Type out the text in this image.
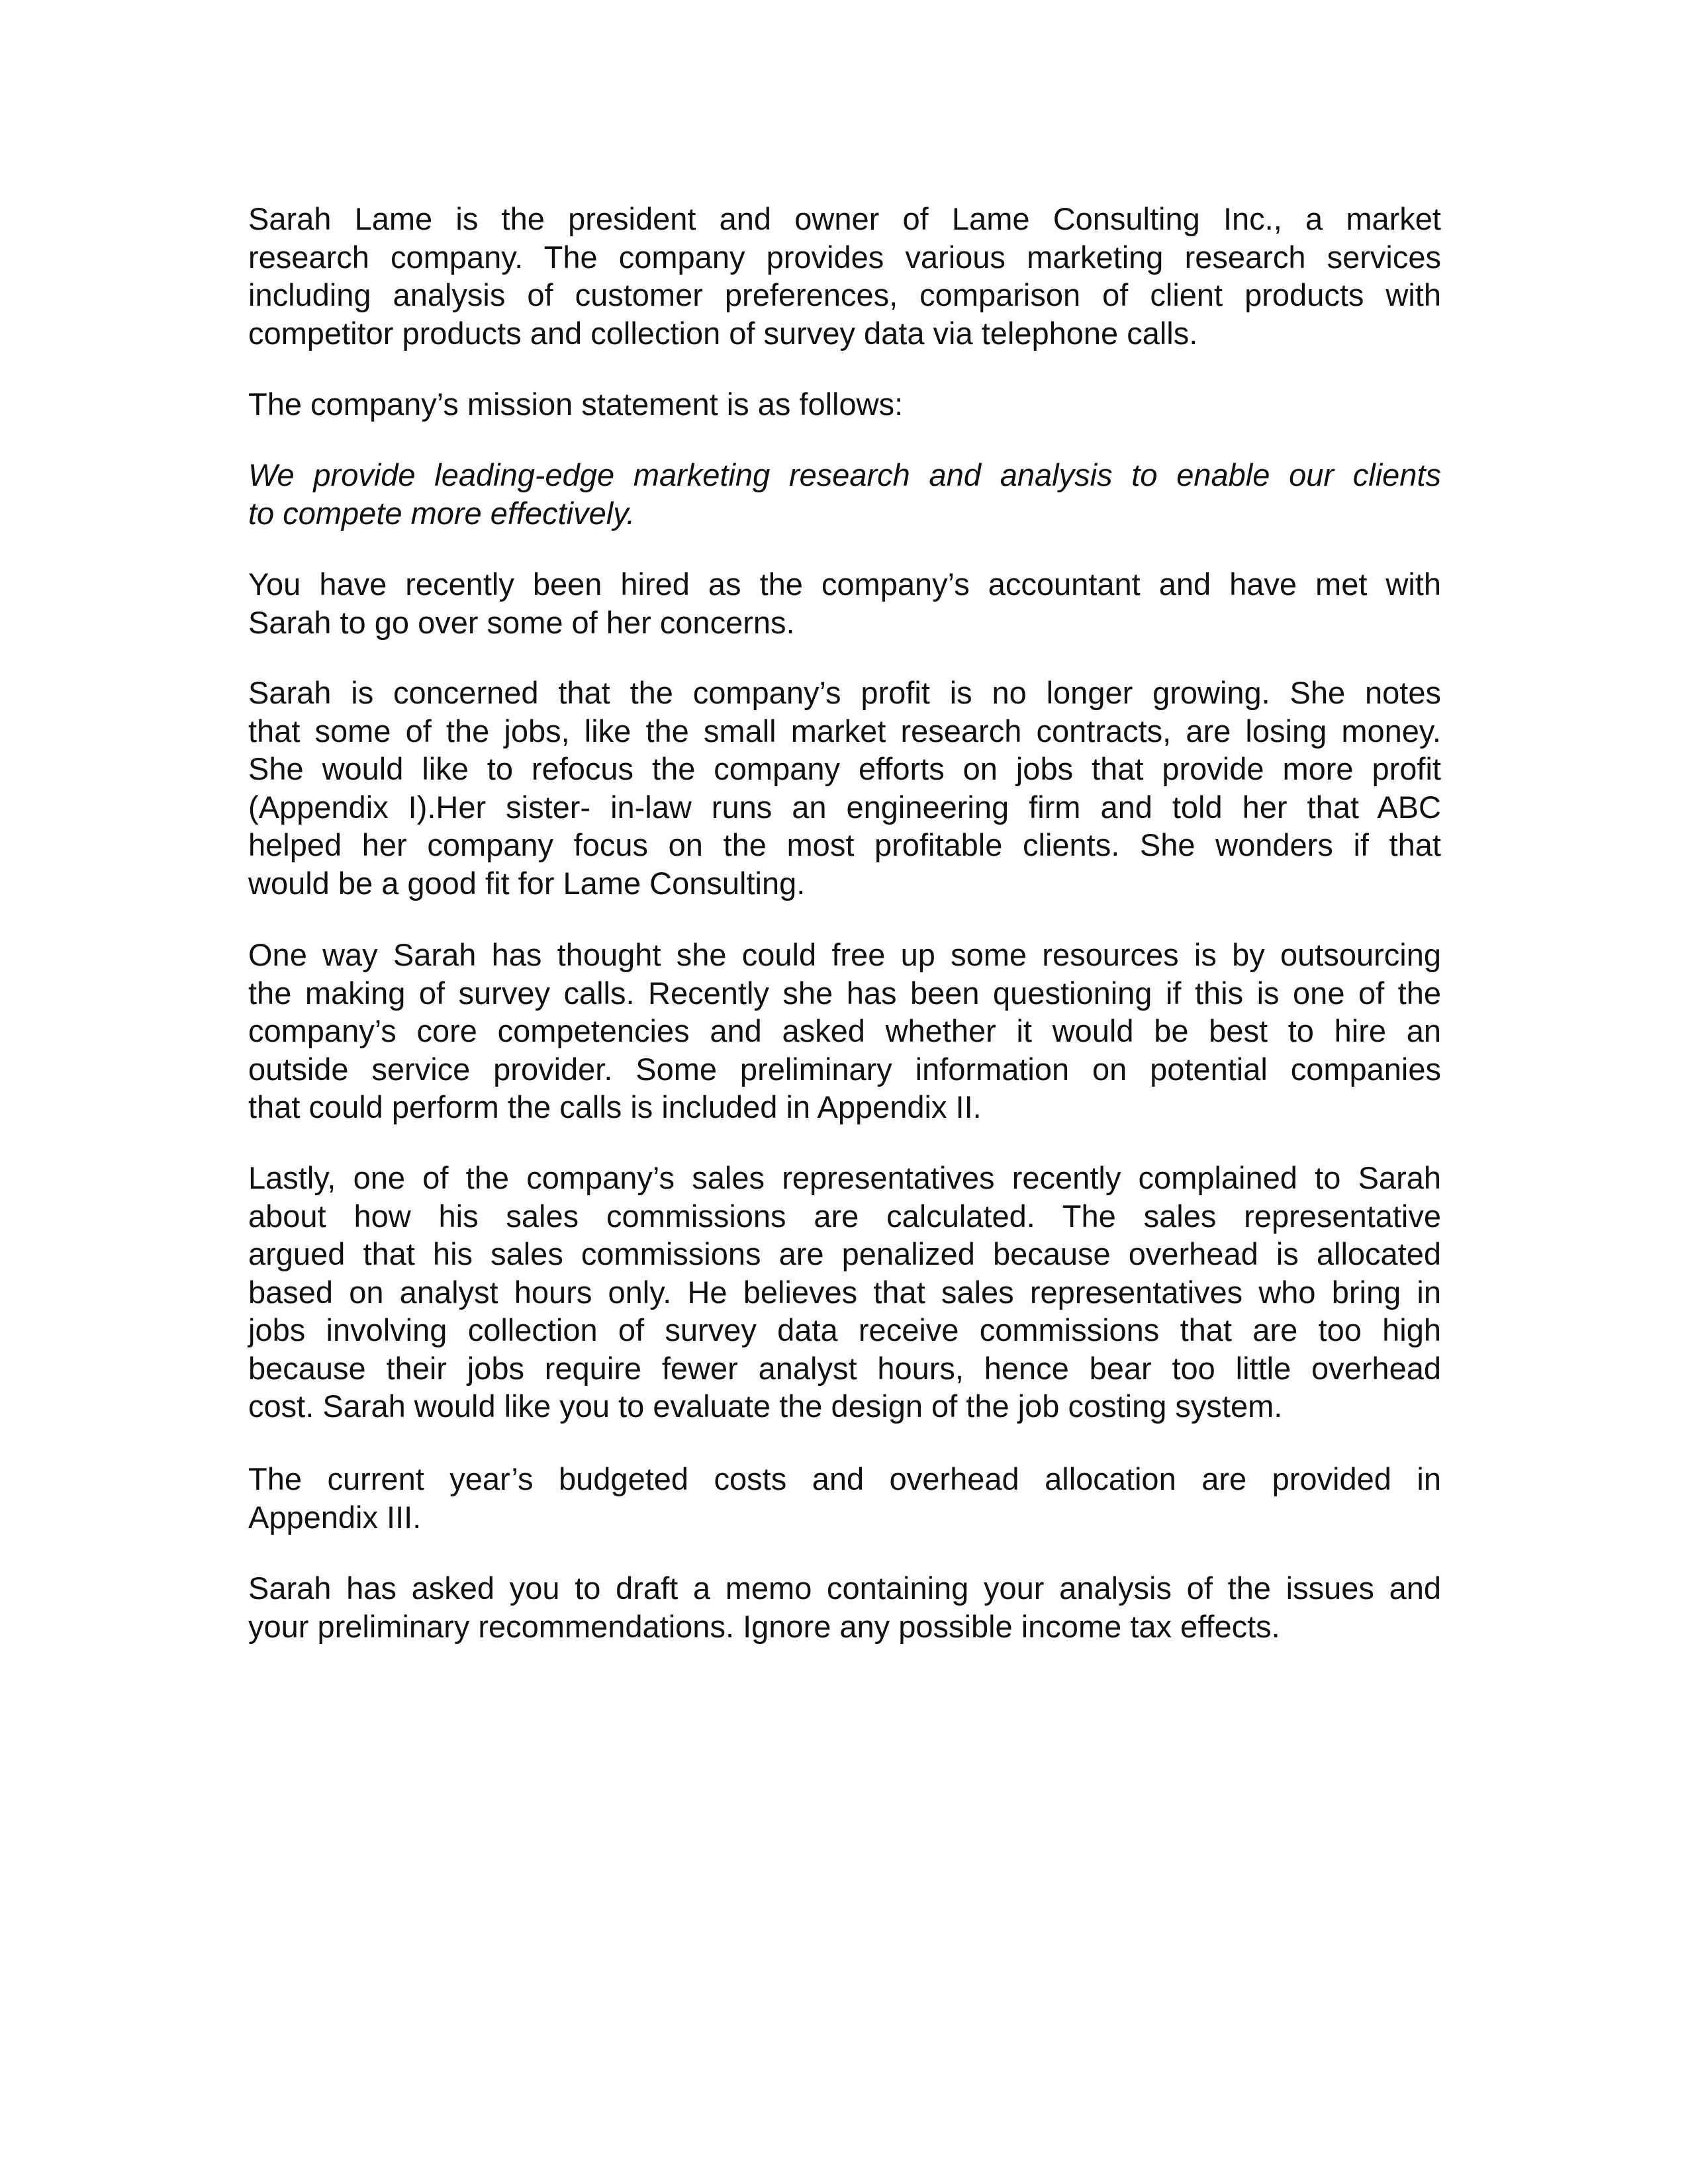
Sarah Lame is the president and owner of Lame Consulting Inc., a market
research company. The company provides various marketing research services
including analysis of customer preferences, comparison of client products with
competitor products and collection of survey data via telephone calls.
The company’s mission statement is as follows:
We provide leading-edge marketing research and analysis to enable our clients
to compete more effectively.
You have recently been hired as the company’s accountant and have met with
Sarah to go over some of her concerns.
Sarah is concerned that the company’s profit is no longer growing. She notes
that some of the jobs, like the small market research contracts, are losing money.
She would like to refocus the company efforts on jobs that provide more profit
(Appendix I).Her sister- in-law runs an engineering firm and told her that ABC
helped her company focus on the most profitable clients. She wonders if that
would be a good fit for Lame Consulting.
One way Sarah has thought she could free up some resources is by outsourcing
the making of survey calls. Recently she has been questioning if this is one of the
company’s core competencies and asked whether it would be best to hire an
outside service provider. Some preliminary information on potential companies
that could perform the calls is included in Appendix II.
Lastly, one of the company’s sales representatives recently complained to Sarah
about how his sales commissions are calculated. The sales representative
argued that his sales commissions are penalized because overhead is allocated
based on analyst hours only. He believes that sales representatives who bring in
jobs involving collection of survey data receive commissions that are too high
because their jobs require fewer analyst hours, hence bear too little overhead
cost. Sarah would like you to evaluate the design of the job costing system.
The current year’s budgeted costs and overhead allocation are provided in
Appendix III.
Sarah has asked you to draft a memo containing your analysis of the issues and
your preliminary recommendations. Ignore any possible income tax effects.
